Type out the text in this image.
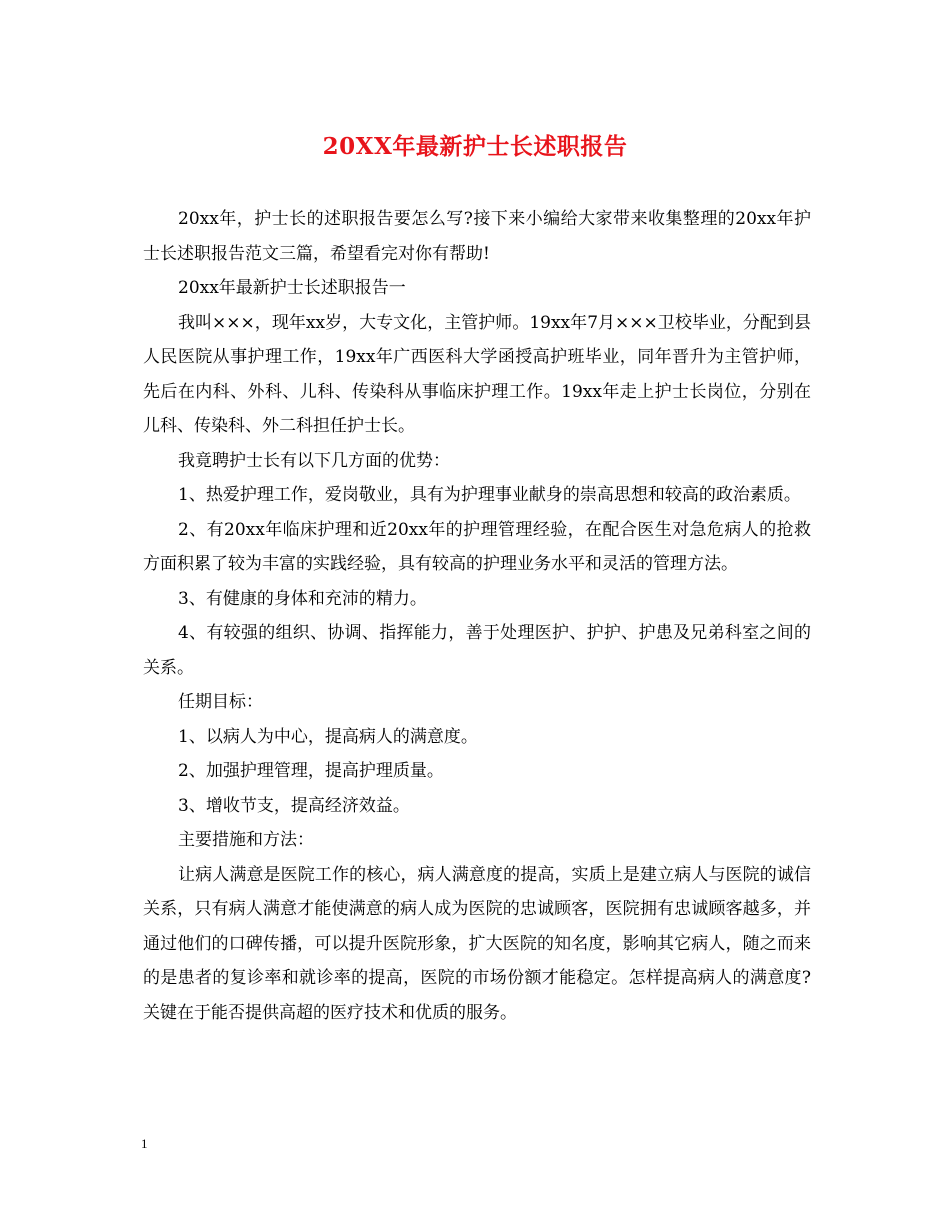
20XX年最新护士长述职报告

20xx年，护士长的述职报告要怎么写?接下来小编给大家带来收集整理的20xx年护士长述职报告范文三篇，希望看完对你有帮助!

20xx年最新护士长述职报告一

我叫×××，现年xx岁，大专文化，主管护师。19xx年7月×××卫校毕业，分配到县人民医院从事护理工作，19xx年广西医科大学函授高护班毕业，同年晋升为主管护师，先后在内科、外科、儿科、传染科从事临床护理工作。19xx年走上护士长岗位，分别在儿科、传染科、外二科担任护士长。

我竟聘护士长有以下几方面的优势：

1、热爱护理工作，爱岗敬业，具有为护理事业献身的崇高思想和较高的政治素质。

2、有20xx年临床护理和近20xx年的护理管理经验，在配合医生对急危病人的抢救方面积累了较为丰富的实践经验，具有较高的护理业务水平和灵活的管理方法。

3、有健康的身体和充沛的精力。

4、有较强的组织、协调、指挥能力，善于处理医护、护护、护患及兄弟科室之间的关系。

任期目标：

1、以病人为中心，提高病人的满意度。

2、加强护理管理，提高护理质量。

3、增收节支，提高经济效益。

主要措施和方法：

让病人满意是医院工作的核心，病人满意度的提高，实质上是建立病人与医院的诚信关系，只有病人满意才能使满意的病人成为医院的忠诚顾客，医院拥有忠诚顾客越多，并通过他们的口碑传播，可以提升医院形象，扩大医院的知名度，影响其它病人，随之而来的是患者的复诊率和就诊率的提高，医院的市场份额才能稳定。怎样提高病人的满意度?关键在于能否提供高超的医疗技术和优质的服务。

1
